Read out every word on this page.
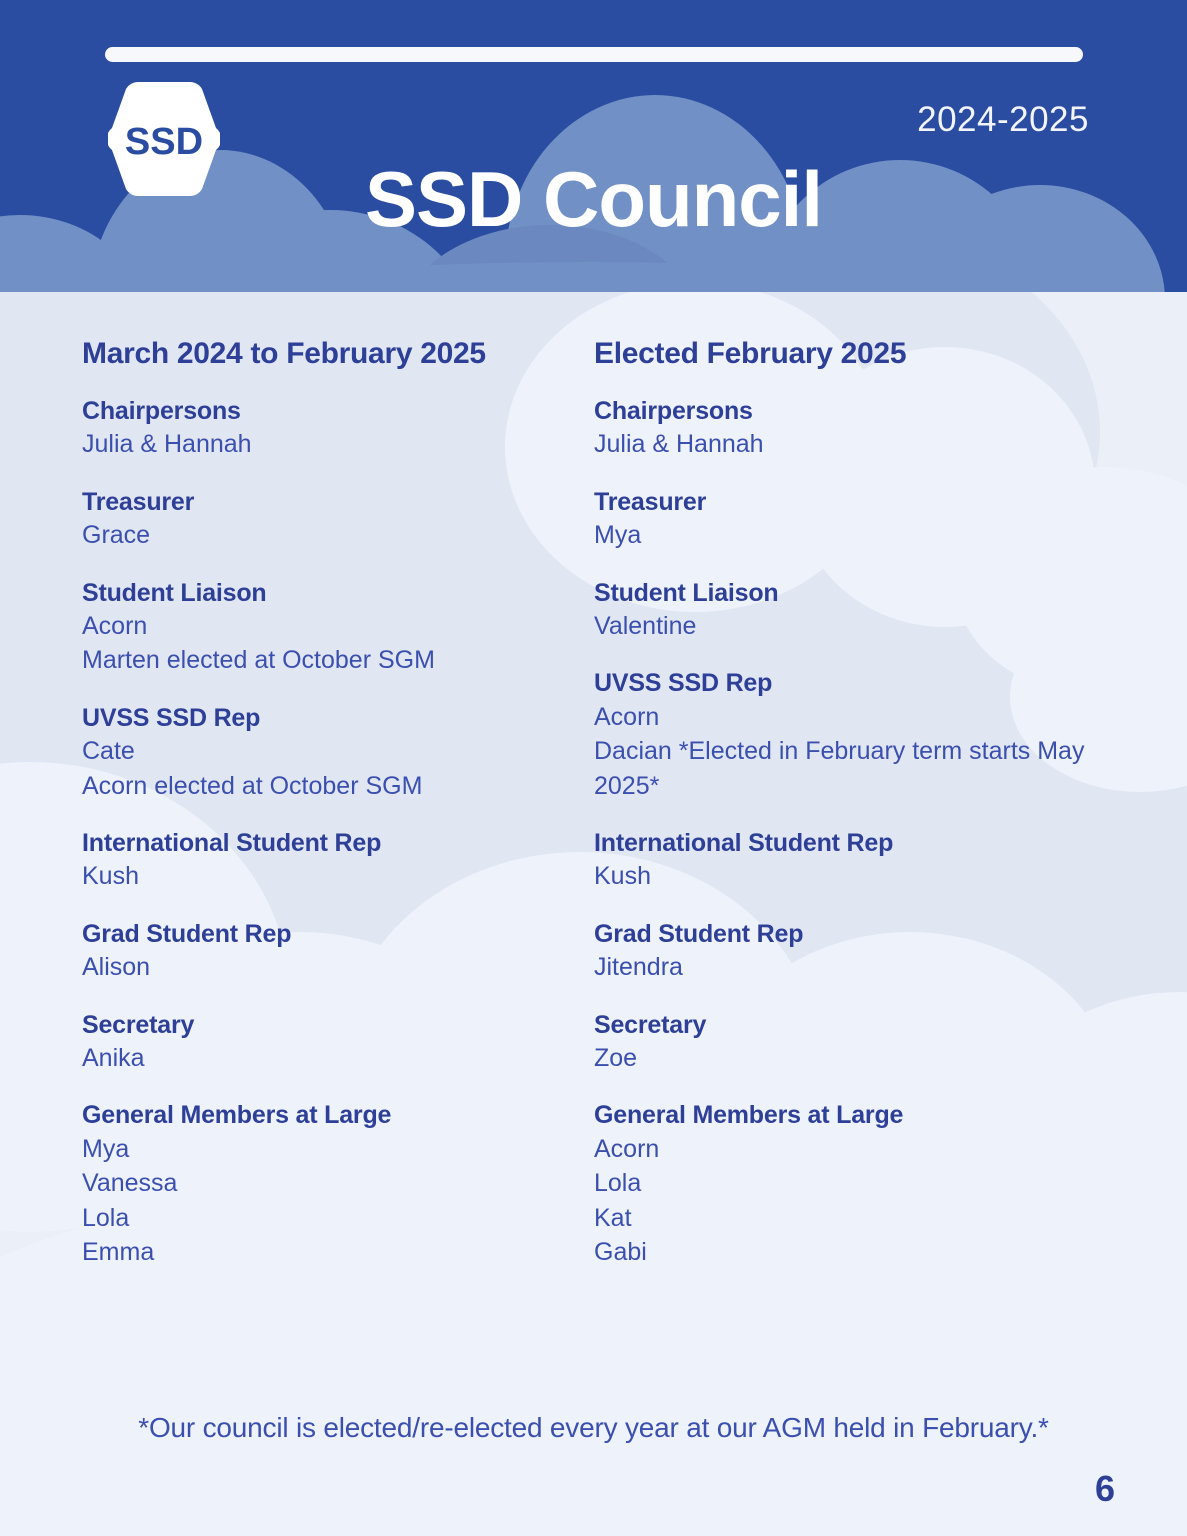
2024-2025
SSD
SSD Council
March 2024 to February 2025
Chairpersons
Julia & Hannah
Treasurer
Grace
Student Liaison
Acorn
Marten elected at October SGM
UVSS SSD Rep
Cate
Acorn elected at October SGM
International Student Rep
Kush
Grad Student Rep
Alison
Secretary
Anika
General Members at Large
Mya
Vanessa
Lola
Emma
Elected February 2025
Chairpersons
Julia & Hannah
Treasurer
Mya
Student Liaison
Valentine
UVSS SSD Rep
Acorn
Dacian *Elected in February term starts May 2025*
International Student Rep
Kush
Grad Student Rep
Jitendra
Secretary
Zoe
General Members at Large
Acorn
Lola
Kat
Gabi
*Our council is elected/re-elected every year at our AGM held in February.*
6
